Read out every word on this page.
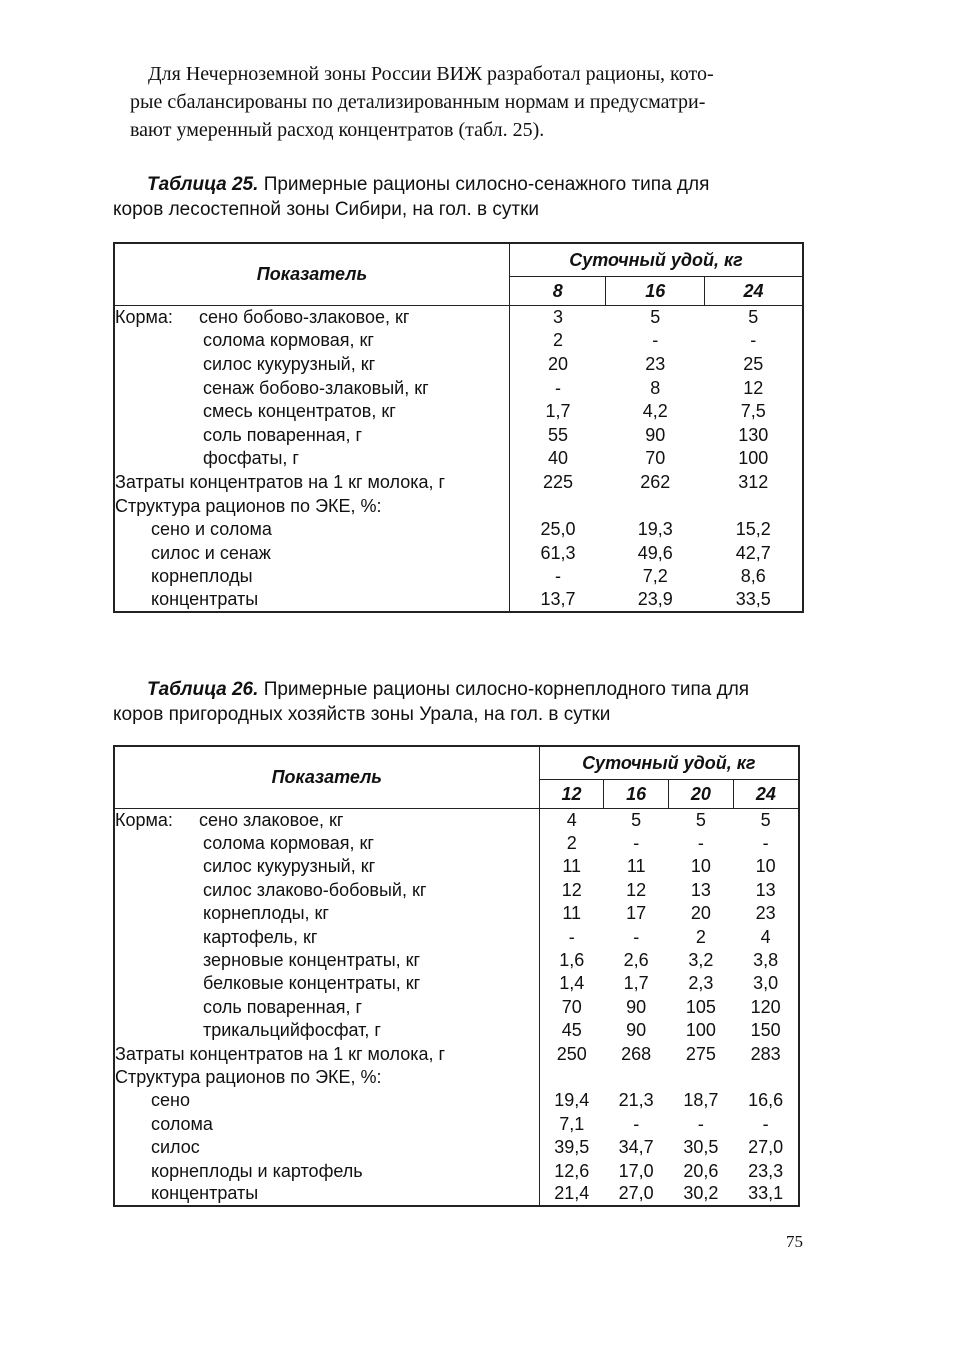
Для Нечерноземной зоны России ВИЖ разработал рационы, кото-
рые сбалансированы по детализированным нормам и предусматри-
вают умеренный расход концентратов (табл. 25).
Таблица 25. Примерные рационы силосно-сенажного типа для
коров лесостепной зоны Сибири, на гол. в сутки
Показатель	Суточный удой, кг		
	8	16	24
Корма: сено бобово-злаковое, кг	3	5	5
солома кормовая, кг	2	-	-
силос кукурузный, кг	20	23	25
сенаж бобово-злаковый, кг	-	8	12
смесь концентратов, кг	1,7	4,2	7,5
соль поваренная, г	55	90	130
фосфаты, г	40	70	100
Затраты концентратов на 1 кг молока, г	225	262	312
Структура рационов по ЭКЕ, %:			
сено и солома	25,0	19,3	15,2
силос и сенаж	61,3	49,6	42,7
корнеплоды	-	7,2	8,6
концентраты	13,7	23,9	33,5
Таблица 26. Примерные рационы силосно-корнеплодного типа для
коров пригородных хозяйств зоны Урала, на гол. в сутки
Показатель	Суточный удой, кг			
	12	16	20	24
Корма: сено злаковое, кг	4	5	5	5
солома кормовая, кг	2	-	-	-
силос кукурузный, кг	11	11	10	10
силос злаково-бобовый, кг	12	12	13	13
корнеплоды, кг	11	17	20	23
картофель, кг	-	-	2	4
зерновые концентраты, кг	1,6	2,6	3,2	3,8
белковые концентраты, кг	1,4	1,7	2,3	3,0
соль поваренная, г	70	90	105	120
трикальцийфосфат, г	45	90	100	150
Затраты концентратов на 1 кг молока, г	250	268	275	283
Структура рационов по ЭКЕ, %:				
сено	19,4	21,3	18,7	16,6
солома	7,1	-	-	-
силос	39,5	34,7	30,5	27,0
корнеплоды и картофель	12,6	17,0	20,6	23,3
концентраты	21,4	27,0	30,2	33,1
75
